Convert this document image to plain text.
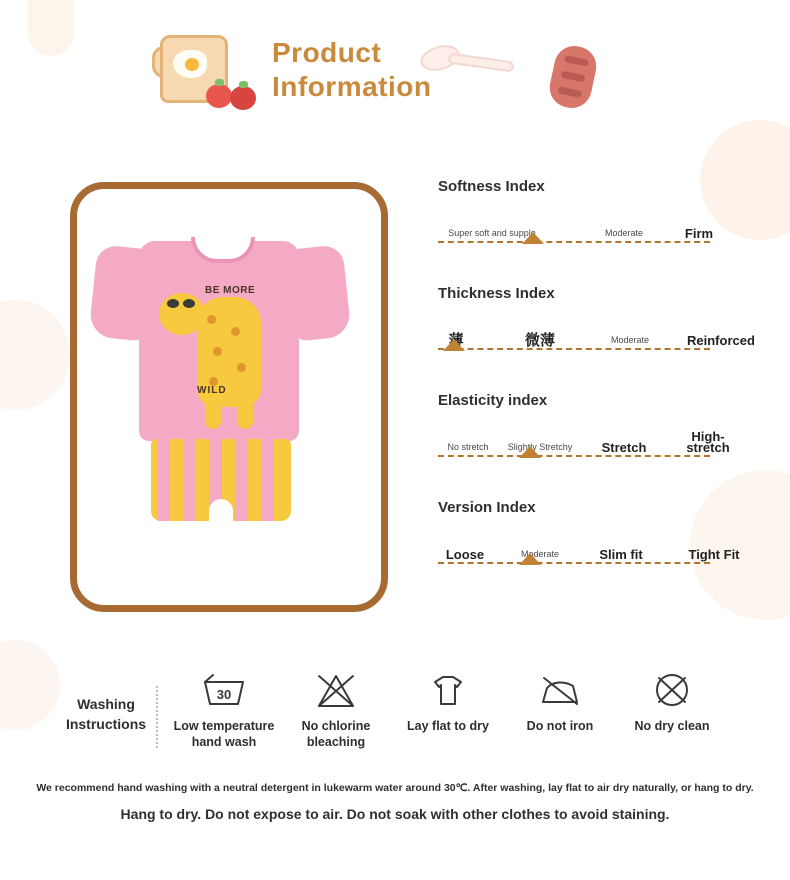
Product
Information
BE MORE
WILD
Softness Index
Super soft and supple	Moderate	Firm
Thickness Index
薄	微薄	Moderate	Reinforced
Elasticity index
No stretch Slightly Stretchy	Stretch
High-stretch
Version Index
Loose	Moderate	Slim fit	Tight Fit
Washing
Instructions
30
Low temperature hand wash
No chlorine bleaching
Lay flat to dry	Do not iron	No dry clean
We recommend hand washing with a neutral detergent in lukewarm water around 30℃. After washing, lay flat to air dry naturally, or hang to dry.
Hang to dry. Do not expose to air. Do not soak with other clothes to avoid staining.
